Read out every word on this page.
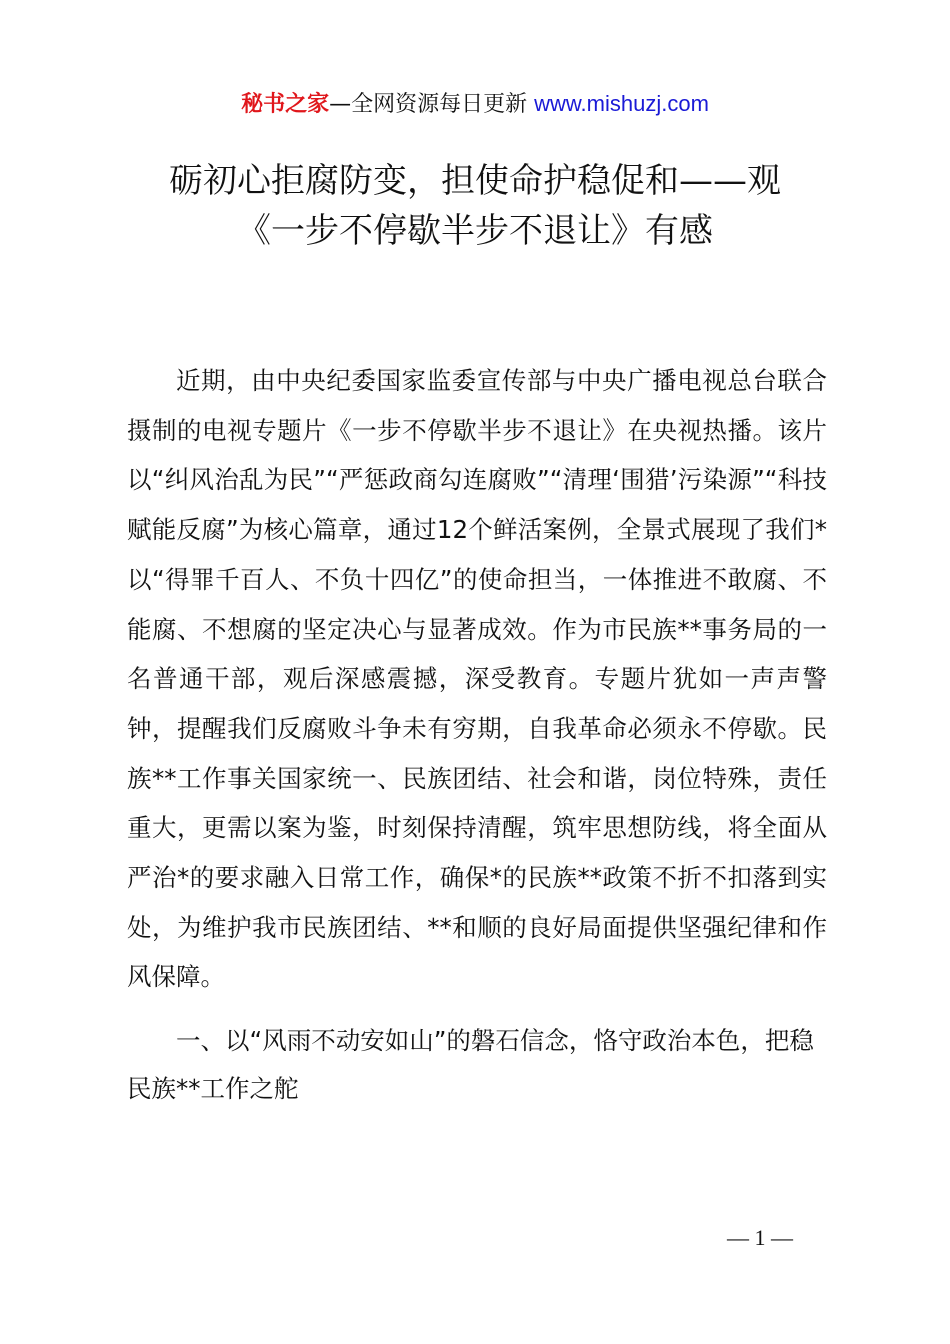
秘书之家—全网资源每日更新 www.mishuzj.com
砺初心拒腐防变，担使命护稳促和——观
《一步不停歇半步不退让》有感

近期，由中央纪委国家监委宣传部与中央广播电视总台联合摄制的电视专题片《一步不停歇半步不退让》在央视热播。该片以“纠风治乱为民”“严惩政商勾连腐败”“清理‘围猎’污染源”“科技赋能反腐”为核心篇章，通过12个鲜活案例，全景式展现了我们*以“得罪千百人、不负十四亿”的使命担当，一体推进不敢腐、不能腐、不想腐的坚定决心与显著成效。作为市民族**事务局的一名普通干部，观后深感震撼，深受教育。专题片犹如一声声警钟，提醒我们反腐败斗争未有穷期，自我革命必须永不停歇。民族**工作事关国家统一、民族团结、社会和谐，岗位特殊，责任重大，更需以案为鉴，时刻保持清醒，筑牢思想防线，将全面从严治*的要求融入日常工作，确保*的民族**政策不折不扣落到实处，为维护我市民族团结、**和顺的良好局面提供坚强纪律和作风保障。

一、以“风雨不动安如山”的磐石信念，恪守政治本色，把稳民族**工作之舵

— 1 —
